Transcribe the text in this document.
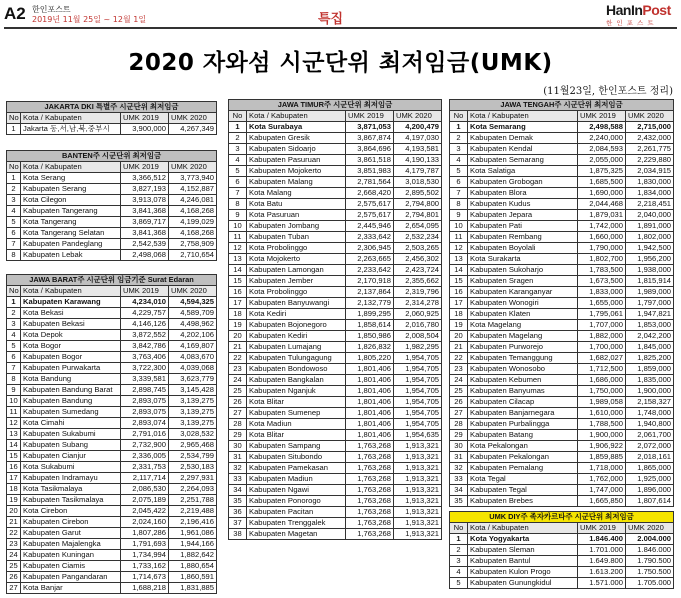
A2 한인포스트
2019년 11월 25일 ~ 12월 1일	특집
HanInPost
한 인 포 스 트
2020 자와섬 시군단위 최저임금(UMK)
(11월23일, 한인포스트 정리)
JAKARTA DKI 특별주 시군단위 최저임금			
No	Kota / Kabupaten	UMK 2019	UMK 2020
1	Jakarta 동,서,남,북,중부시	3,900,000	4,267,349
BANTEN주 시군단위 최저임금			
No	Kota / Kabupaten	UMK 2019	UMK 2020
1	Kota Serang	3,366,512	3,773,940
2	Kabupaten Serang	3,827,193	4,152,887
3	Kota Cilegon	3,913,078	4,246,081
4	Kabupaten Tangerang	3,841,368	4,168,268
5	Kota Tangerang	3,869,717	4,199,029
6	Kota Tangerang Selatan	3,841,368	4,168,268
7	Kabupaten Pandeglang	2,542,539	2,758,909
8	Kabupaten Lebak	2,498,068	2,710,654
JAWA BARAT주 시군단위 임금기준 Surat Edaran			
No	Kota / Kabupaten	UMK 2019	UMK 2020
1	Kabupaten Karawang	4,234,010	4,594,325
2	Kota Bekasi	4,229,757	4,589,709
3	Kabupaten Bekasi	4,146,126	4,498,962
4	Kota Depok	3,872,552	4,202,106
5	Kota Bogor	3,842,786	4,169,807
6	Kabupaten Bogor	3,763,406	4,083,670
7	Kabupaten Purwakarta	3,722,300	4,039,068
8	Kota Bandung	3,339,581	3,623,779
9	Kabupaten Bandung Barat	2,898,745	3,145,428
10	Kabupaten Bandung	2,893,075	3,139,275
11	Kabupaten Sumedang	2,893,075	3,139,275
12	Kota Cimahi	2,893,074	3,139,275
13	Kabupaten Sukabumi	2,791,016	3,028,532
14	Kabupaten Subang	2,732,900	2,965,468
15	Kabupaten Cianjur	2,336,005	2,534,799
16	Kota Sukabumi	2,331,753	2,530,183
17	Kabupaten Indramayu	2,117,714	2,297,931
18	Kota Tasikmalaya	2,086,530	2,264,093
19	Kabupaten Tasikmalaya	2,075,189	2,251,788
20	Kota Cirebon	2,045,422	2,219,488
21	Kabupaten Cirebon	2,024,160	2,196,416
22	Kabupaten Garut	1,807,286	1,961,086
23	Kabupaten Majalengka	1,791,693	1,944,166
24	Kabupaten Kuningan	1,734,994	1,882,642
25	Kabupaten Ciamis	1,733,162	1,880,654
26	Kabupaten Pangandaran	1,714,673	1,860,591
27	Kota Banjar	1,688,218	1,831,885
JAWA TIMUR주 시군단위 최저임금			
No	Kota / Kabupaten	UMK 2019	UMK 2020
1	Kota Surabaya	3,871,053	4,200,479
2	Kabupaten Gresik	3,867,874	4,197,030
3	Kabupaten Sidoarjo	3,864,696	4,193,581
4	Kabupaten Pasuruan	3,861,518	4,190,133
5	Kabupaten Mojokerto	3,851,983	4,179,787
6	Kabupaten Malang	2,781,564	3,018,530
7	Kota Malang	2,668,420	2,895,502
8	Kota Batu	2,575,617	2,794,800
9	Kota Pasuruan	2,575,617	2,794,801
10	Kabupaten Jombang	2,445,946	2,654,095
11	Kabupaten Tuban	2,333,642	2,532,234
12	Kota Probolinggo	2,306,945	2,503,265
13	Kota Mojokerto	2,263,665	2,456,302
14	Kabupaten Lamongan	2,233,642	2,423,724
15	Kabupaten Jember	2,170,918	2,355,662
16	Kota Probolinggo	2,137,864	2,319,796
17	Kabupaten Banyuwangi	2,132,779	2,314,278
18	Kota Kediri	1,899,295	2,060,925
19	Kabupaten Bojonegoro	1,858,614	2,016,780
20	Kabupaten Kediri	1,850,986	2,008,504
21	Kabupaten Lumajang	1,826,832	1,982,295
22	Kabupaten Tulungagung	1,805,220	1,954,705
23	Kabupaten Bondowoso	1,801,406	1,954,705
24	Kabupaten Bangkalan	1,801,406	1,954,705
25	Kabupaten Nganjuk	1,801,406	1,954,705
26	Kota Blitar	1,801,406	1,954,705
27	Kabupaten Sumenep	1,801,406	1,954,705
28	Kota Madiun	1,801,406	1,954,705
29	Kota Blitar	1,801,406	1,954,635
30	Kabupaten Sampang	1,763,268	1,913,321
31	Kabupaten Situbondo	1,763,268	1,913,321
32	Kabupaten Pamekasan	1,763,268	1,913,321
33	Kabupaten Madiun	1,763,268	1,913,321
34	Kabupaten Ngawi	1,763,268	1,913,321
35	Kabupaten Ponorogo	1,763,268	1,913,321
36	Kabupaten Pacitan	1,763,268	1,913,321
37	Kabupaten Trenggalek	1,763,268	1,913,321
38	Kabupaten Magetan	1,763,268	1,913,321
JAWA TENGAH주 시군단위 최저임금			
No	Kota / Kabupaten	UMK 2019	UMK 2020
1	Kota Semarang	2,498,588	2,715,000
2	Kabupaten Demak	2,240,000	2,432,000
3	Kabupaten Kendal	2,084,593	2,261,775
4	Kabupaten Semarang	2,055,000	2,229,880
5	Kota Salatiga	1,875,325	2,034,915
6	Kabupaten Grobogan	1,685,500	1,830,000
7	Kabupaten Blora	1,690,000	1,834,000
8	Kabupaten Kudus	2,044,468	2,218,451
9	Kabupaten Jepara	1,879,031	2,040,000
10	Kabupaten Pati	1,742,000	1,891,000
11	Kabupaten Rembang	1,660,000	1,802,000
12	Kabupaten Boyolali	1,790,000	1,942,500
13	Kota Surakarta	1,802,700	1,956,200
14	Kabupaten Sukoharjo	1,783,500	1,938,000
15	Kabupaten Sragen	1,673,500	1,815,914
16	Kabupaten Karanganyar	1,833,000	1,989,000
17	Kabupaten Wonogiri	1,655,000	1,797,000
18	Kabupaten Klaten	1,795,061	1,947,821
19	Kota Magelang	1,707,000	1,853,000
20	Kabupaten Magelang	1,882,000	2,042,200
21	Kabupaten Purworejo	1,700,000	1,845,000
22	Kabupaten Temanggung	1,682,027	1,825,200
23	Kabupaten Wonosobo	1,712,500	1,859,000
24	Kabupaten Kebumen	1,686,000	1,835,000
25	Kabupaten Banyumas	1,750,000	1,900,000
26	Kabupaten Cilacap	1,989,058	2,158,327
27	Kabupaten Banjarnegara	1,610,000	1,748,000
28	Kabupaten Purbalingga	1,788,500	1,940,800
29	Kabupaten Batang	1,900,000	2,061,700
30	Kota Pekalongan	1,906,922	2,072,000
31	Kabupaten Pekalongan	1,859,885	2,018,161
32	Kabupaten Pemalang	1,718,000	1,865,000
33	Kota Tegal	1,762,000	1,925,000
34	Kabupaten Tegal	1,747,000	1,896,000
35	Kabupaten Brebes	1,665,850	1,807,614
UMK DIY주 족자카르타주 시군단위 최저임금			
No	Kota / Kabupaten	UMK 2019	UMK 2020
1	Kota Yogyakarta	1.846.400	2.004.000
2	Kabupaten Sleman	1.701.000	1.846.000
3	Kabupaten Bantul	1.649.800	1.790.500
4	Kabupaten Kulon Progo	1.613.200	1.750.500
5	Kabupaten Gunungkidul	1.571.000	1.705.000
